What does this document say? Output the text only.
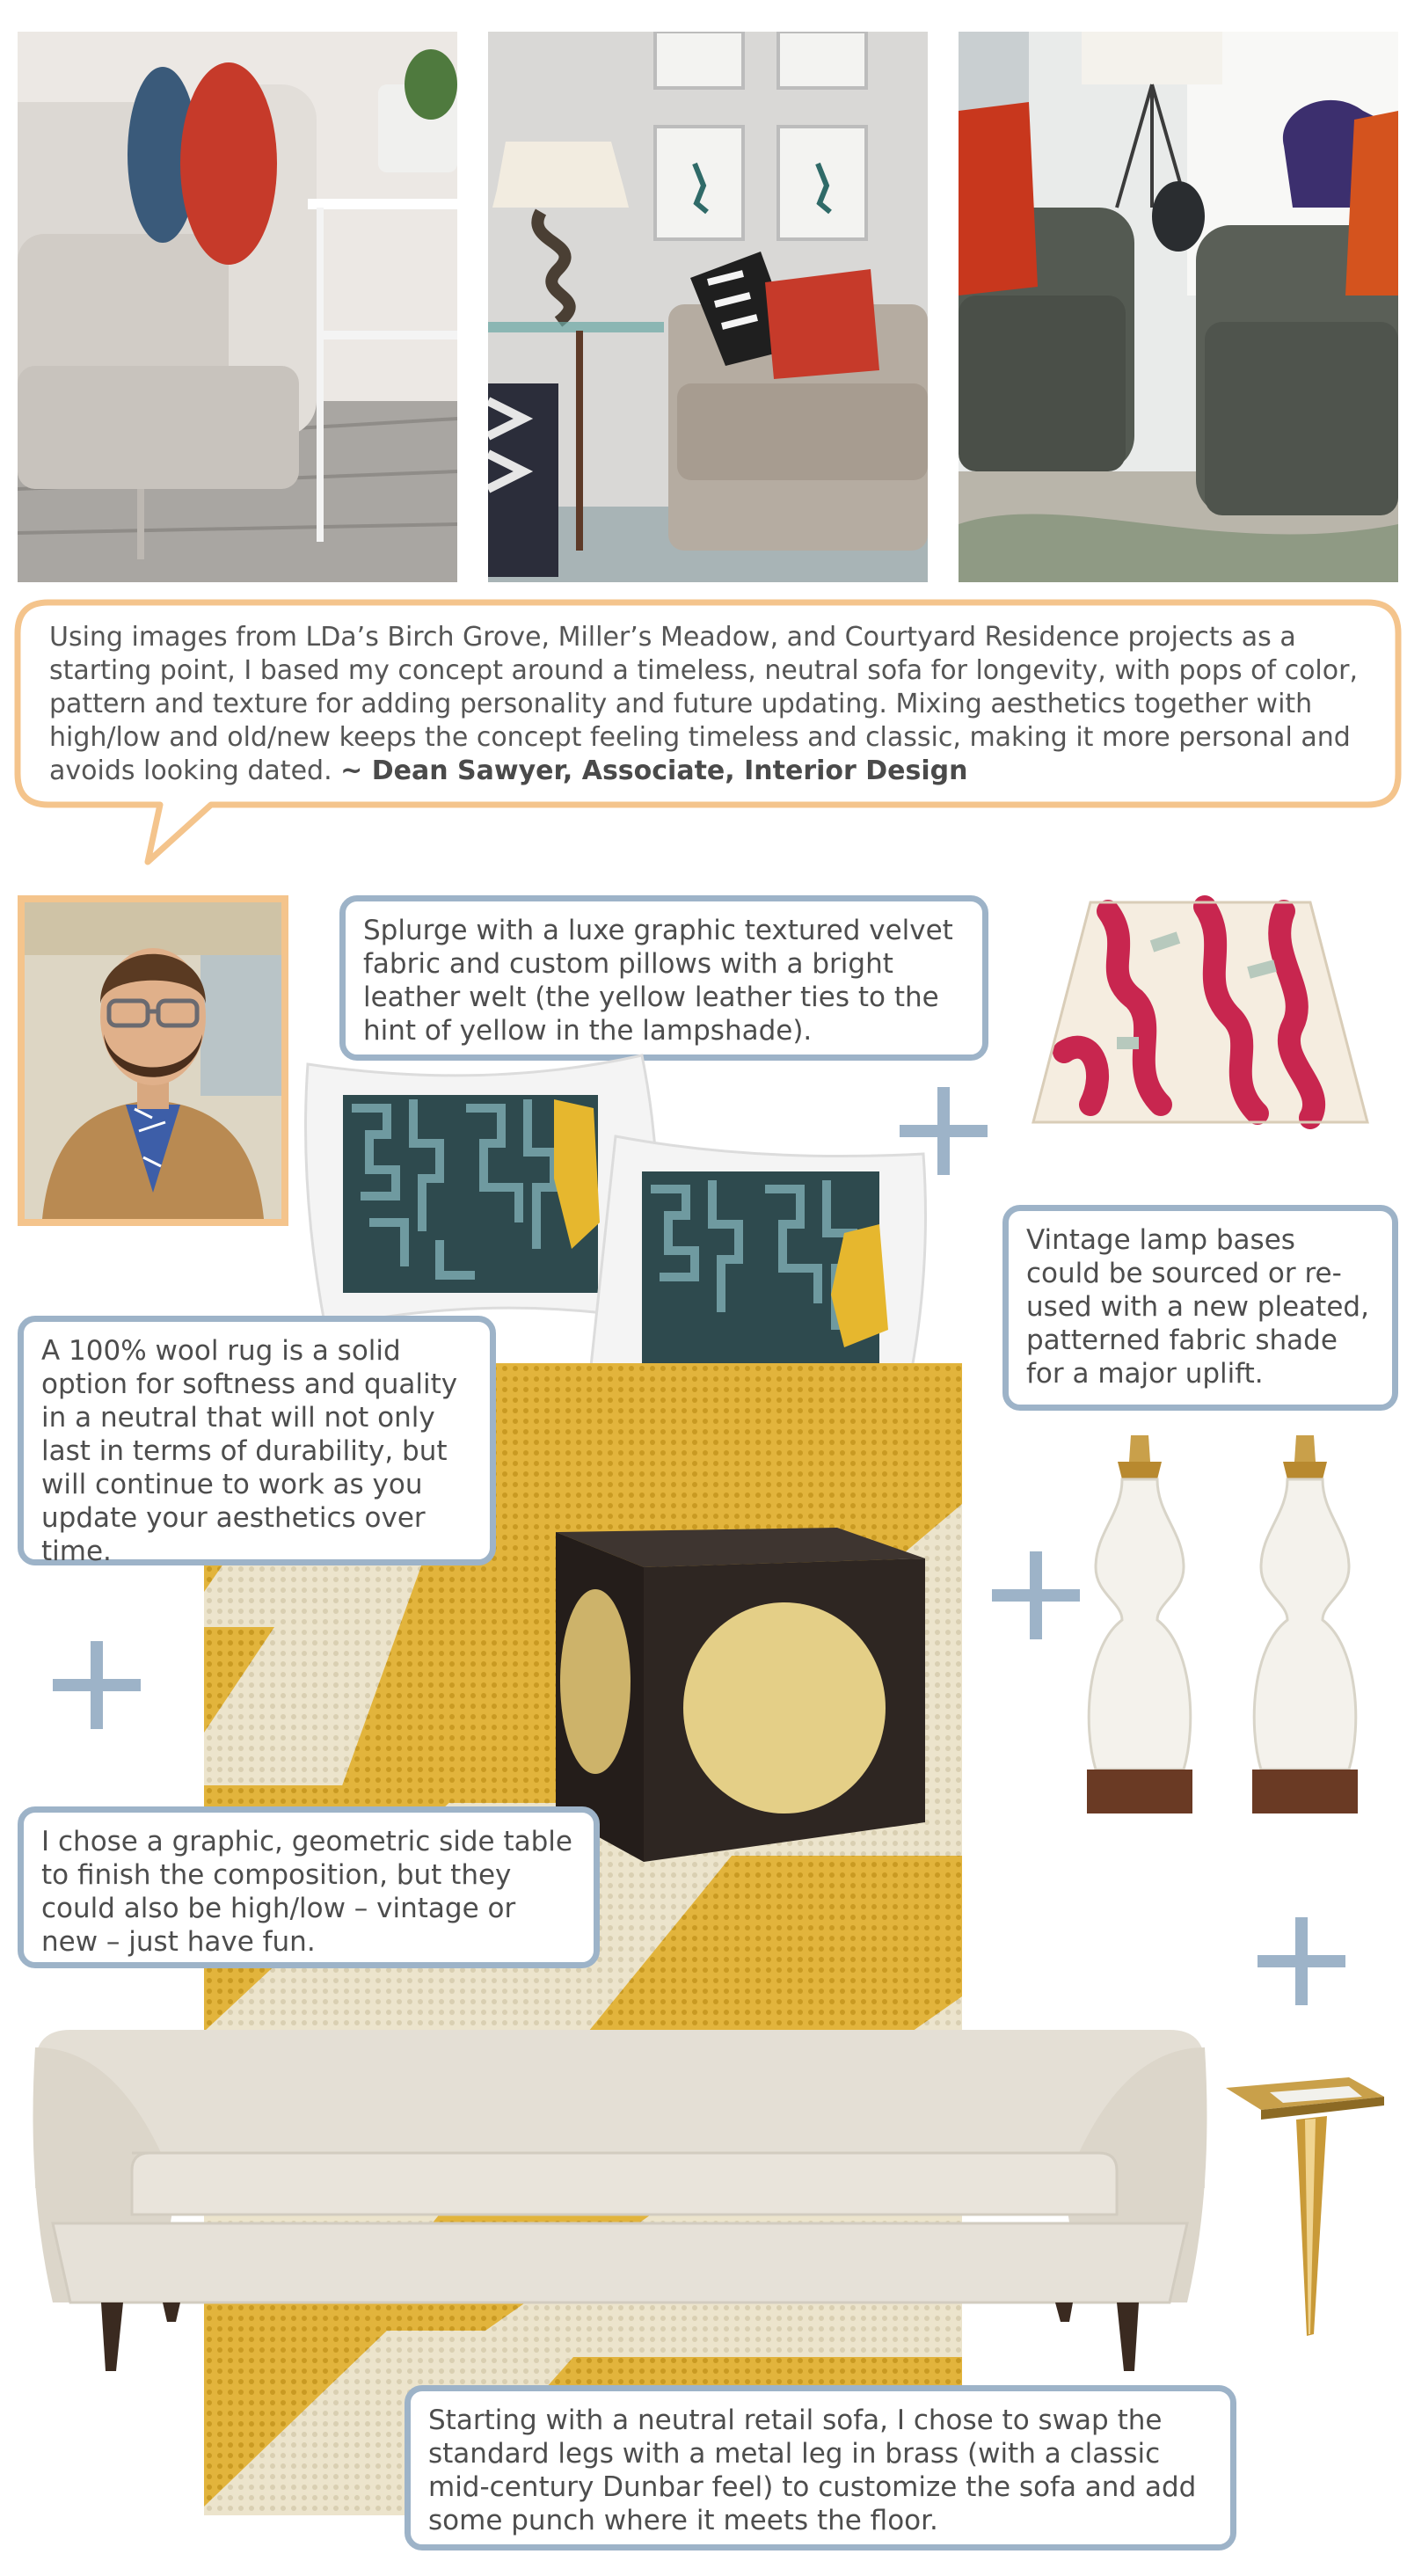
Using images from LDa’s Birch Grove, Miller’s Meadow, and Courtyard Residence projects as a starting point, I based my concept around a timeless, neutral sofa for longevity, with pops of color, pattern and texture for adding personality and future updating. Mixing aesthetics together with high/low and old/new keeps the concept feeling timeless and classic, making it more personal and avoids looking dated. ~ Dean Sawyer, Associate, Interior Design
Splurge with a luxe graphic textured velvet fabric and custom pillows with a bright leather welt (the yellow leather ties to the hint of yellow in the lampshade).
Vintage lamp bases could be sourced or re-used with a new pleated, patterned fabric shade for a major uplift.
A 100% wool rug is a solid option for softness and quality in a neutral that will not only last in terms of durability, but will continue to work as you update your aesthetics over time.
I chose a graphic, geometric side table to finish the composition, but they could also be high/low – vintage or new – just have fun.
Starting with a neutral retail sofa, I chose to swap the standard legs with a metal leg in brass (with a classic mid-century Dunbar feel) to customize the sofa and add some punch where it meets the floor.
